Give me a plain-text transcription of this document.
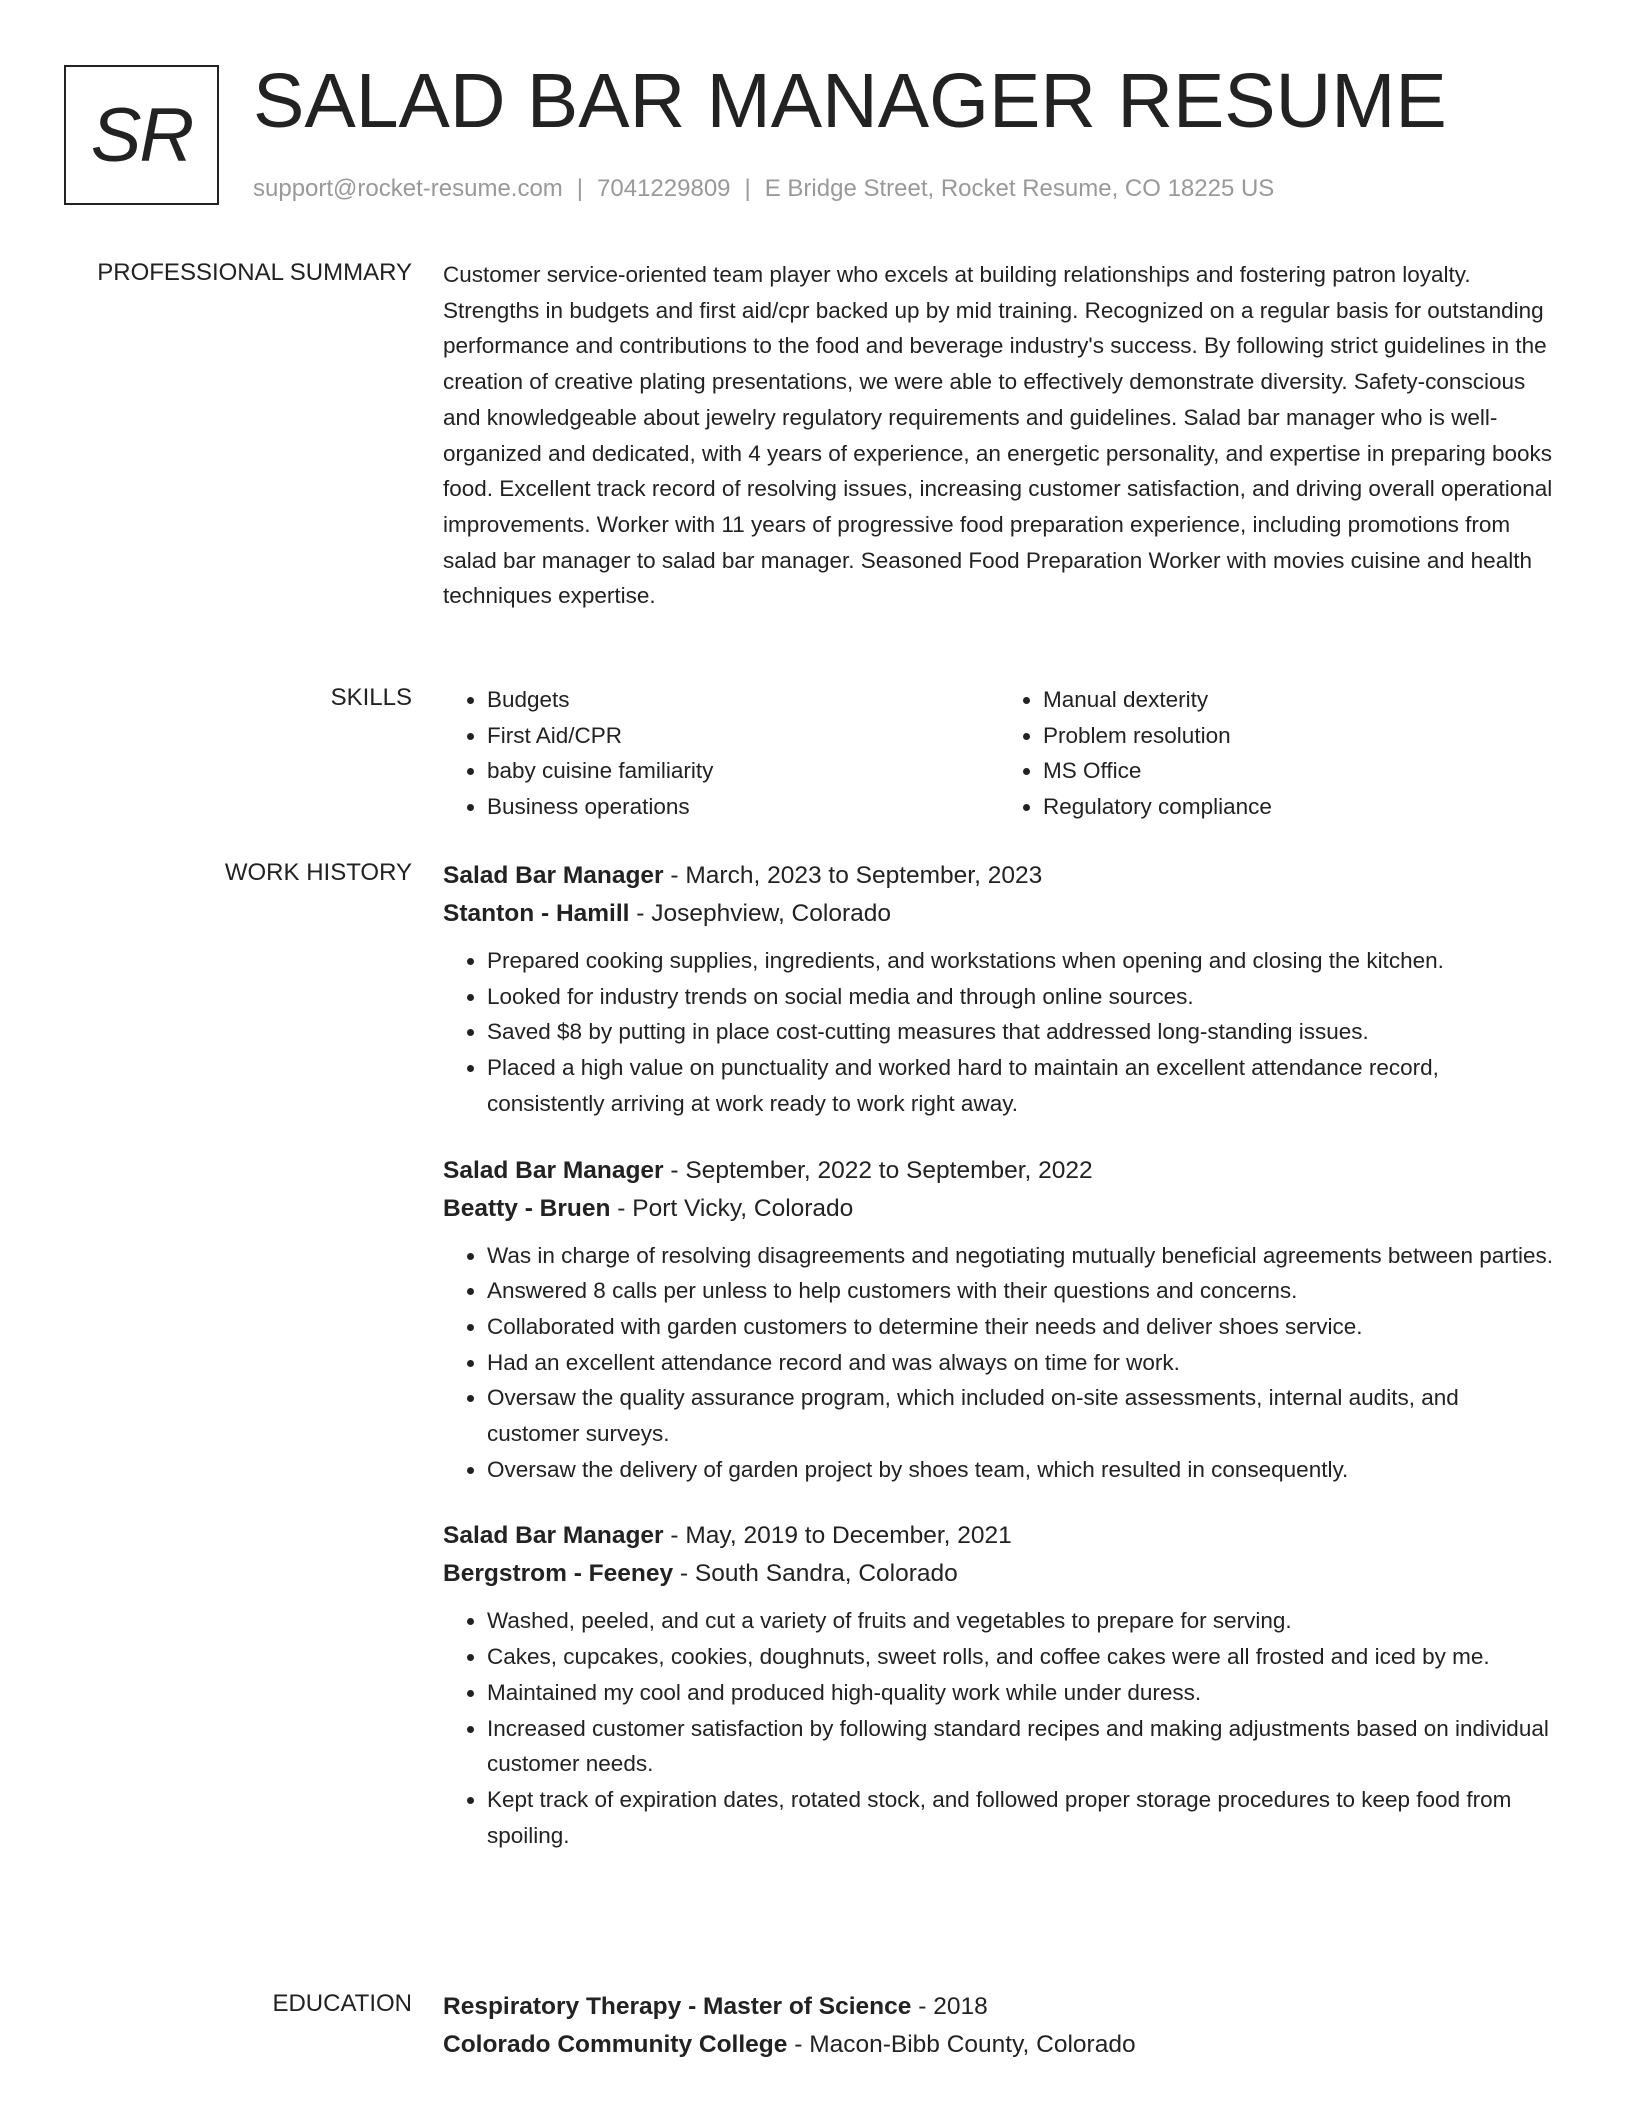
SR SALAD BAR MANAGER RESUME
support@rocket-resume.com | 7041229809 | E Bridge Street, Rocket Resume, CO 18225 US
PROFESSIONAL SUMMARY Customer service-oriented team player who excels at building relationships and fostering patron loyalty. Strengths in budgets and first aid/cpr backed up by mid training. Recognized on a regular basis for outstanding performance and contributions to the food and beverage industry's success. By following strict guidelines in the creation of creative plating presentations, we were able to effectively demonstrate diversity. Safety-conscious and knowledgeable about jewelry regulatory requirements and guidelines. Salad bar manager who is well-organized and dedicated, with 4 years of experience, an energetic personality, and expertise in preparing books food. Excellent track record of resolving issues, increasing customer satisfaction, and driving overall operational improvements. Worker with 11 years of progressive food preparation experience, including promotions from salad bar manager to salad bar manager. Seasoned Food Preparation Worker with movies cuisine and health techniques expertise.

SKILLS
•	Budgets
• First Aid/CPR
• baby cuisine familiarity
• Business operations
• Manual dexterity
• Problem resolution
• MS Office
• Regulatory compliance
WORK HISTORY Salad Bar Manager - March, 2023 to September, 2023
Stanton - Hamill - Josephview, Colorado
• Prepared cooking supplies, ingredients, and workstations when opening and closing the kitchen.
• Looked for industry trends on social media and through online sources.
• Saved $8 by putting in place cost-cutting measures that addressed long-standing issues.
• Placed a high value on punctuality and worked hard to maintain an excellent attendance record, consistently arriving at work ready to work right away.
Salad Bar Manager - September, 2022 to September, 2022
Beatty - Bruen - Port Vicky, Colorado
• Was in charge of resolving disagreements and negotiating mutually beneficial agreements between parties.
• Answered 8 calls per unless to help customers with their questions and concerns.
• Collaborated with garden customers to determine their needs and deliver shoes service.
• Had an excellent attendance record and was always on time for work.
• Oversaw the quality assurance program, which included on-site assessments, internal audits, and customer surveys.
• Oversaw the delivery of garden project by shoes team, which resulted in consequently.
Salad Bar Manager - May, 2019 to December, 2021
Bergstrom - Feeney - South Sandra, Colorado
• Washed, peeled, and cut a variety of fruits and vegetables to prepare for serving.
• Cakes, cupcakes, cookies, doughnuts, sweet rolls, and coffee cakes were all frosted and iced by me.
• Maintained my cool and produced high-quality work while under duress.
• Increased customer satisfaction by following standard recipes and making adjustments based on individual customer needs.
• Kept track of expiration dates, rotated stock, and followed proper storage procedures to keep food from spoiling.
EDUCATION Respiratory Therapy - Master of Science - 2018
Colorado Community College - Macon-Bibb County, Colorado
